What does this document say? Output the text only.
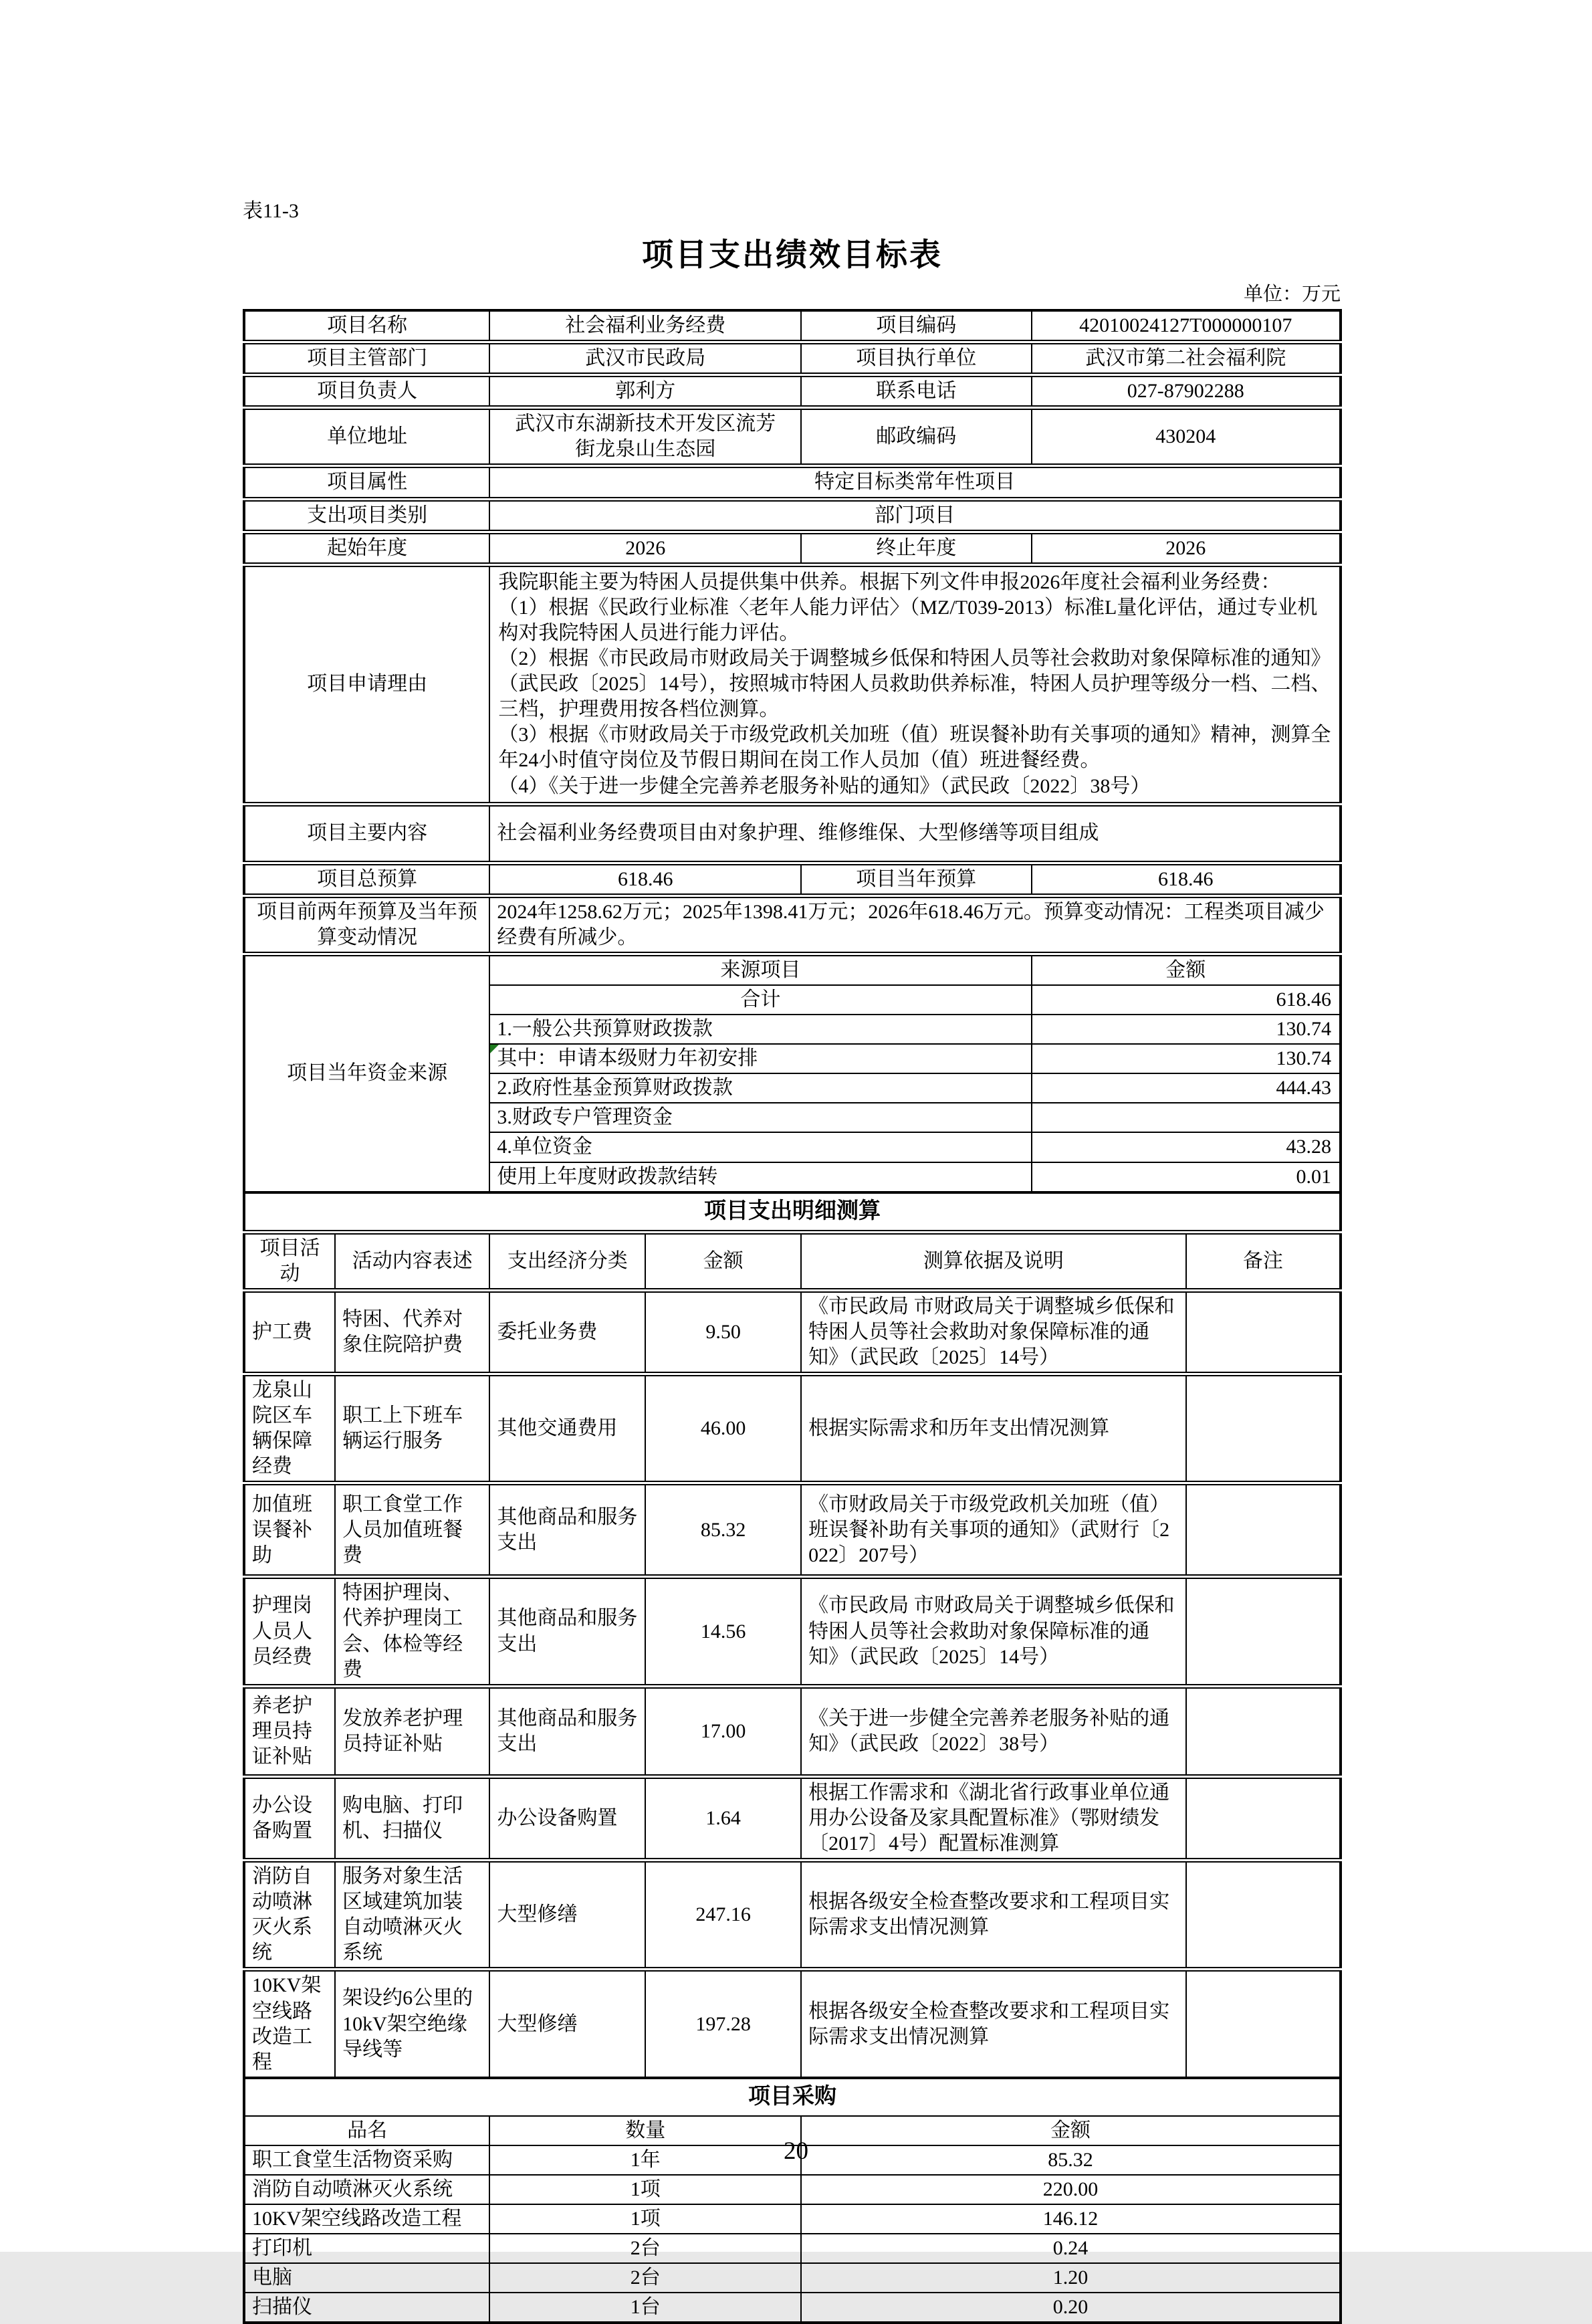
表11-3
项目支出绩效目标表
单位：万元
项目名称	社会福利业务经费	项目编码	42010024127T000000107
项目主管部门	武汉市民政局	项目执行单位	武汉市第二社会福利院
项目负责人	郭利方	联系电话	027-87902288
单位地址	武汉市东湖新技术开发区流芳街龙泉山生态园	邮政编码	430204
项目属性	特定目标类常年性项目		
支出项目类别	部门项目		
起始年度	2026	终止年度	2026
项目申请理由	我院职能主要为特困人员提供集中供养。根据下列文件申报2026年度社会福利业务经费：
（1）根据《民政行业标准〈老年人能力评估〉（MZ/T039-2013）标准L量化评估，通过专业机构对我院特困人员进行能力评估。
（2）根据《市民政局市财政局关于调整城乡低保和特困人员等社会救助对象保障标准的通知》（武民政〔2025〕14号），按照城市特困人员救助供养标准，特困人员护理等级分一档、二档、三档，护理费用按各档位测算。
（3）根据《市财政局关于市级党政机关加班（值）班误餐补助有关事项的通知》精神，测算全年24小时值守岗位及节假日期间在岗工作人员加（值）班进餐经费。
（4）《关于进一步健全完善养老服务补贴的通知》（武民政〔2022〕38号）		

项目主要内容	社会福利业务经费项目由对象护理、维修维保、大型修缮等项目组成		
项目总预算	618.46	项目当年预算	618.46
项目前两年预算及当年预算变动情况	2024年1258.62万元；2025年1398.41万元；2026年618.46万元。预算变动情况：工程类项目减少经费有所减少。		
项目当年资金来源	来源项目		金额
	合计		618.46
	1.一般公共预算财政拨款		130.74

其中：申请本级财力年初安排		130.74
	2.政府性基金预算财政拨款		444.43
	3.财政专户管理资金		
	4.单位资金		43.28
	使用上年度财政拨款结转		0.01
项目支出明细测算					
项目活动	活动内容表述	支出经济分类	金额	测算依据及说明	备注
护工费	特困、代养对象住院陪护费	委托业务费	9.50	《市民政局 市财政局关于调整城乡低保和特困人员等社会救助对象保障标准的通知》（武民政〔2025〕14号）	
龙泉山院区车辆保障经费	职工上下班车辆运行服务	其他交通费用	46.00	根据实际需求和历年支出情况测算	
加值班误餐补助	职工食堂工作人员加值班餐费	其他商品和服务支出	85.32	《市财政局关于市级党政机关加班（值）班误餐补助有关事项的通知》（武财行〔2022〕207号）	
护理岗人员人员经费	特困护理岗、代养护理岗工会、体检等经费	其他商品和服务支出	14.56	《市民政局 市财政局关于调整城乡低保和特困人员等社会救助对象保障标准的通知》（武民政〔2025〕14号）	
养老护理员持证补贴	发放养老护理员持证补贴	其他商品和服务支出	17.00	《关于进一步健全完善养老服务补贴的通知》（武民政〔2022〕38号）	
办公设备购置	购电脑、打印机、扫描仪	办公设备购置	1.64	根据工作需求和《湖北省行政事业单位通用办公设备及家具配置标准》（鄂财绩发〔2017〕4号）配置标准测算	
消防自动喷淋灭火系统	服务对象生活区域建筑加装自动喷淋灭火系统	大型修缮	247.16	根据各级安全检查整改要求和工程项目实际需求支出情况测算	
10KV架空线路改造工程	架设约6公里的10kV架空绝缘导线等	大型修缮	197.28	根据各级安全检查整改要求和工程项目实际需求支出情况测算	
项目采购		
品名	数量	金额
职工食堂生活物资采购	1年	85.32
消防自动喷淋灭火系统	1项	220.00
10KV架空线路改造工程	1项	146.12
打印机	2台	0.24
电脑	2台	1.20
扫描仪	1台	0.20
20
